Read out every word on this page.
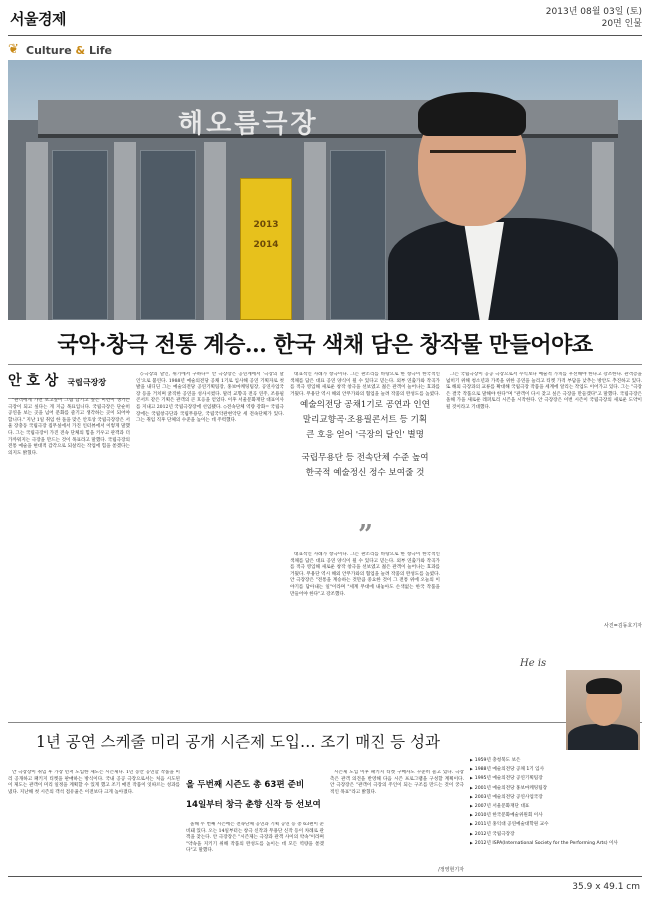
서울경제	2013년 08월 03일 (토)
20면 인물
❦ Culture & Life
해오름극장
2013
2014
국악·창극 전통 계승… 한국 색채 담은 창작물 만들어야죠
안 호 상 국립극장장

"관객에게 가면 보고싶어 그림 남기고 싶은 미련이 생기는 극장이 되고 싶다는 게 지금 목표입니다. 국립극장은 단순히 공연을 보는 곳을 넘어 문화를 즐기고 생각하는 곳이 되어야 합니다." 지난 1일 취임 한 돌을 맞은 안호상 국립극장장은 서울 장충동 국립극장 집무실에서 가진 인터뷰에서 이렇게 말했다. 그는 국립극장이 가진 전속 단체의 힘을 키우고 관객과 더 가까워지는 극장을 만드는 것이 목표라고 말했다. 국립극장의 전통 예술을 현대적 감각으로 되살리는 작업에 힘을 쏟겠다는 의지도 밝혔다.

◇극장의 달인, 위기에서 구하다= 안 극장장은 공연계에서 '극장의 달인'으로 불린다. 1988년 예술의전당 공채 1기로 입사해 공연 기획자로 첫발을 내디딘 그는 예술의전당 공연기획팀장, 홍보마케팅팀장, 공연사업국장 등을 거치며 굵직한 공연을 성사시켰다. 말러 교향곡 전곡 연주, 조용필 콘서트 같은 기획은 관객의 큰 호응을 얻었다. 이후 서울문화재단 대표이사를 지내고 2012년 국립극장장에 선임됐다. ◇전속단체 역량 강화= 국립극장에는 국립창극단과 국립무용단, 국립국악관현악단 세 전속단체가 있다. 그는 취임 직후 단체의 수준을 높이는 데 주력했다.

대표적인 사례가 창극이다. 그는 판소리를 바탕으로 한 창극이 한국적인 색채를 담은 대표 공연 양식이 될 수 있다고 믿는다. 외부 연출가와 작곡가를 적극 영입해 새로운 창작 창극을 선보였고 젊은 관객이 늘어나는 효과를 거뒀다. 무용단 역시 해외 안무가와의 협업을 늘려 작품의 완성도를 높였다.

예술의전당 공채1기로 공연과 인연
말리교향곡·조용필콘서트 등 기획
큰 호응 얻어 '극장의 달인' 별명
국립무용단 등 전속단체 수준 높여
한국적 예술정신 정수 보여줄 것
”

대표적인 사례가 창극이다. 그는 판소리를 바탕으로 한 창극이 한국적인 색채를 담은 대표 공연 양식이 될 수 있다고 믿는다. 외부 연출가와 작곡가를 적극 영입해 새로운 창작 창극을 선보였고 젊은 관객이 늘어나는 효과를 거뒀다. 무용단 역시 해외 안무가와의 협업을 늘려 작품의 완성도를 높였다. 안 극장장은 "전통을 계승하는 것만큼 중요한 것이 그 전통 위에 오늘의 이야기를 담아내는 일"이라며 "세계 무대에 내놓아도 손색없는 한국 작품을 만들어야 한다"고 강조했다.

그는 국립극장이 공공 극장으로서 수익보다 예술적 가치를 우선해야 한다고 강조한다. 관객층을 넓히기 위해 청소년과 가족을 위한 공연을 늘리고 티켓 가격 부담을 낮추는 방안도 추진하고 있다. 또 해외 극장과의 교류를 확대해 국립극장 작품을 세계에 알리는 작업도 이어가고 있다. 그는 "극장은 결국 작품으로 말해야 한다"며 "관객이 다시 찾고 싶은 극장을 만들겠다"고 말했다. 국립극장은 올해 가을 새로운 레퍼토리 시즌을 시작한다. 안 극장장은 이번 시즌이 국립극장의 새로운 도약이 될 것이라고 기대했다.

사진=김동호기자
1년 공연 스케줄 미리 공개 시즌제 도입… 조기 매진 등 성과

안 극장장이 취임 후 가장 먼저 도입한 제도는 시즌제다. 1년 동안 공연할 작품을 미리 공개하고 패키지 티켓을 판매하는 방식이다. 국내 공공 극장으로서는 처음 시도된 이 제도는 관객이 미리 일정을 계획할 수 있게 했고 조기 매진 작품이 잇따르는 성과를 냈다. 지난해 첫 시즌의 객석 점유율은 이전보다 크게 높아졌다.

올 두번째 시즌도 총 63편 준비
14일부터 창극 춘향 신작 등 선보여

올해 두 번째 시즌에는 전속단체 공연과 기획 공연 등 총 63편이 준비돼 있다. 오는 14일부터는 창극 신작과 무용단 신작 등이 차례로 관객을 찾는다. 안 극장장은 "시즌제는 극장과 관객 사이의 약속"이라며 "약속을 지키기 위해 작품의 완성도를 높이는 데 모든 역량을 쏟겠다"고 말했다.

시즌제 도입 이후 패키지 티켓 구매자도 꾸준히 늘고 있다. 극장 측은 관객 의견을 반영해 다음 시즌 프로그램을 구성할 계획이다. 안 극장장은 "관객이 극장의 주인이 되는 구조를 만드는 것이 궁극적인 목표"라고 밝혔다.

/정영현기자
He is
▶ 1959년 충청북도 보은
▶ 1988년 예술의전당 공채 1기 입사
▶ 1995년 예술의전당 공연기획팀장
▶ 2001년 예술의전당 홍보마케팅팀장
▶ 2003년 예술의전당 공연사업국장
▶ 2007년 서울문화재단 대표
▶ 2010년 한국문화예술위원회 이사
▶ 2011년 홍익대 공연예술대학원 교수
▶ 2012년 국립극장장
▶ 2012년 ISPA(International Society for the Performing Arts) 이사
35.9 x 49.1 cm
